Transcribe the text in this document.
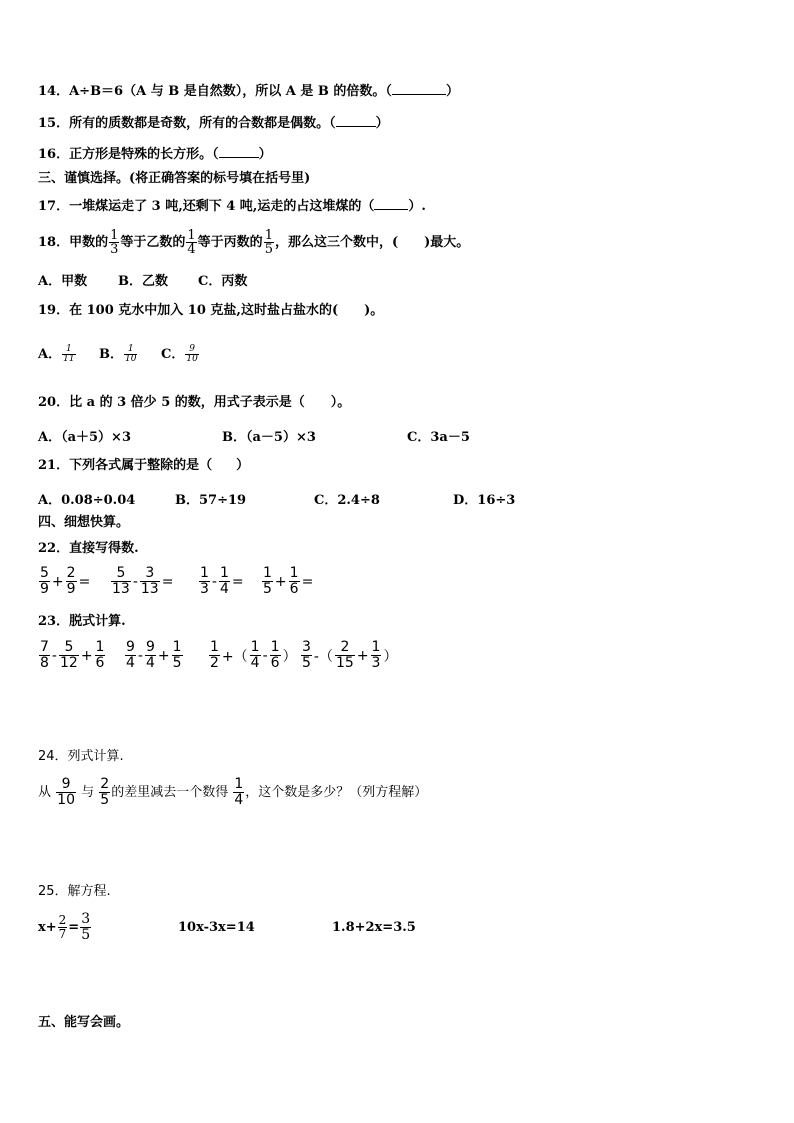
14．A÷B＝6（A 与 B 是自然数），所以 A 是 B 的倍数。（	）
15．所有的质数都是奇数，所有的合数都是偶数。（	）
16．正方形是特殊的长方形。（	）
三、谨慎选择。(将正确答案的标号填在括号里)
17．一堆煤运走了 3 吨,还剩下 4 吨,运走的占这堆煤的（	）.
18．甲数的 $\frac{1}{3}$ 等于乙数的 $\frac{1}{4}$ 等于丙数的 $\frac{1}{5}$ ，那么这三个数中，( )最大。
A．甲数 B．乙数 C．丙数
19．在 100 克水中加入 10 克盐,这时盐占盐水的( )。
A． $\frac{1}{11}$ B． $\frac{1}{10}$ C． $\frac{9}{10}$
20．比 a 的 3 倍少 5 的数，用式子表示是（ ）。
A．（a＋5）×3	B．（a－5）×3	C．3a－5
21．下列各式属于整除的是（ ）
A．0.08÷0.04	B．57÷19	C．2.4÷8	D．16÷3
四、细想快算。
22．直接写得数.
$\frac{5}{9} + \frac{2}{9} = \frac{5}{13} - \frac{3}{13} = \frac{1}{3} - \frac{1}{4} = \frac{1}{5} + \frac{1}{6}$ =
23．脱式计算.
$\frac{7}{8} - \frac{5}{12} + \frac{1}{6} \frac{9}{4} - \frac{9}{4} + \frac{1}{5} \frac{1}{2}$ +（ $\frac{1}{4} - \frac{1}{6}$ ） $\frac{3}{5}$ -（ $\frac{2}{15} + \frac{1}{3}$ ）
24．列式计算.
从 $\frac{9}{10}$ 与 $\frac{2}{5}$ 的差里减去一个数得 $\frac{1}{4}$ ，这个数是多少？（列方程解）
25．解方程.
$x+ \frac{2}{7} = \frac{3}{5}$	10x-3x=14	1.8+2x=3.5
五、能写会画。
